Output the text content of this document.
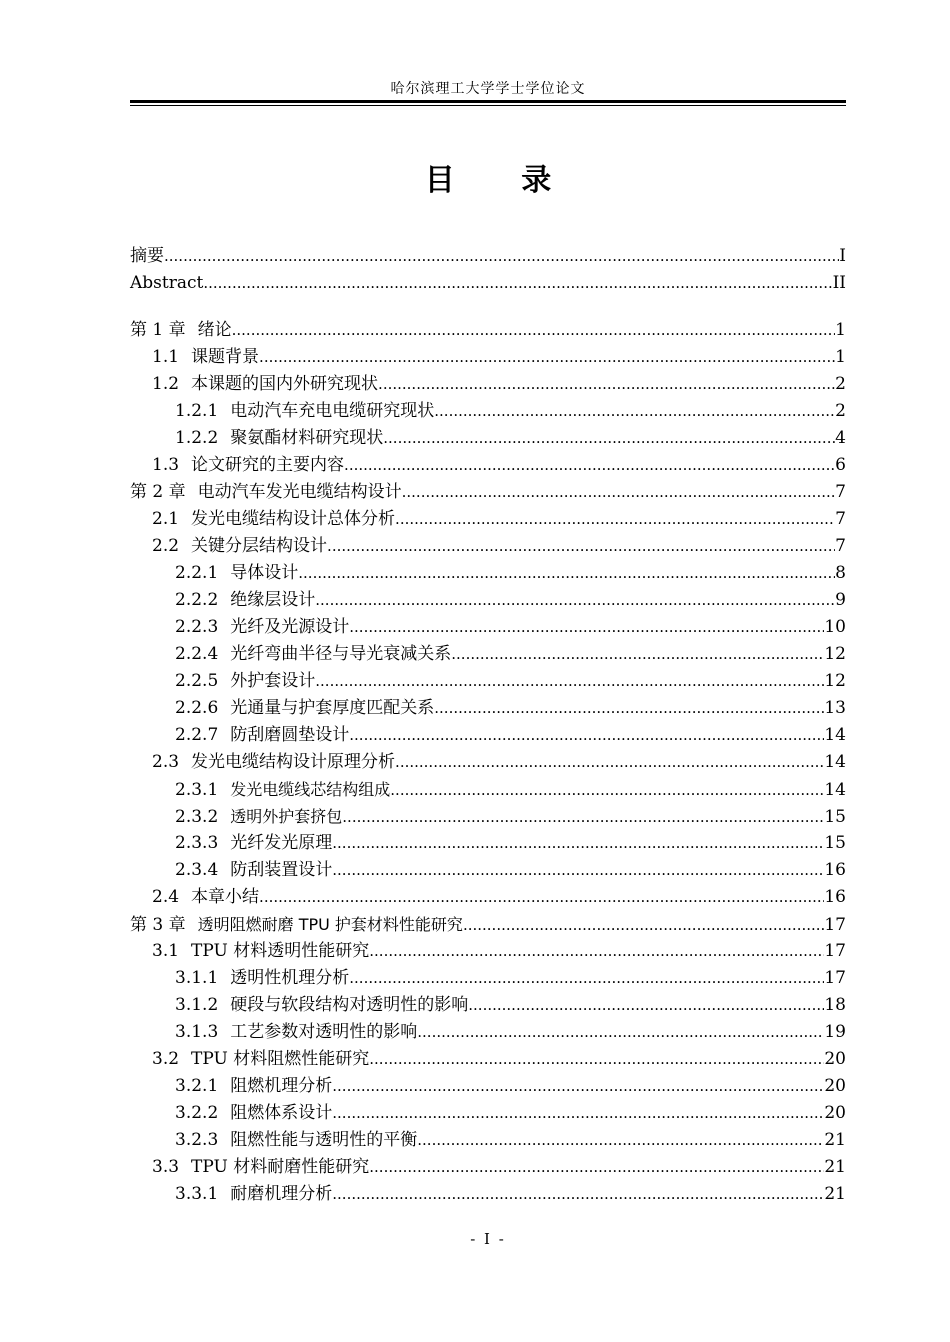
哈尔滨理工大学学士学位论文
目 录
摘要 .....	I
Abstract .....	II
第 1 章 绪论 .....	1
1.1 课题背景 .....	1
1.2 本课题的国内外研究现状 .....	2
1.2.1 电动汽车充电电缆研究现状 .....	2
1.2.2 聚氨酯材料研究现状 .....	4
1.3 论文研究的主要内容 .....	6
第 2 章 电动汽车发光电缆结构设计 .....	7
2.1 发光电缆结构设计总体分析 .....	7
2.2 关键分层结构设计 .....	7
2.2.1 导体设计 .....	8
2.2.2 绝缘层设计 .....	9
2.2.3 光纤及光源设计 .....	10
2.2.4 光纤弯曲半径与导光衰减关系 .....	12
2.2.5 外护套设计 .....	12
2.2.6 光通量与护套厚度匹配关系 .....	13
2.2.7 防刮磨圆垫设计 .....	14
2.3 发光电缆结构设计原理分析 .....	14
2.3.1 发光电缆线芯结构组成 .....	14
2.3.2 透明外护套挤包 .....	15
2.3.3 光纤发光原理 .....	15
2.3.4 防刮装置设计 .....	16
2.4 本章小结 .....	16
第 3 章 透明阻燃耐磨 TPU 护套材料性能研究 .....	17
3.1 TPU 材料透明性能研究 .....	17
3.1.1 透明性机理分析 .....	17
3.1.2 硬段与软段结构对透明性的影响 .....	18
3.1.3 工艺参数对透明性的影响 .....	19
3.2 TPU 材料阻燃性能研究 .....	20
3.2.1 阻燃机理分析 .....	20
3.2.2 阻燃体系设计 .....	20
3.2.3 阻燃性能与透明性的平衡 .....	21
3.3 TPU 材料耐磨性能研究 .....	21
3.3.1 耐磨机理分析 .....	21
- I -
